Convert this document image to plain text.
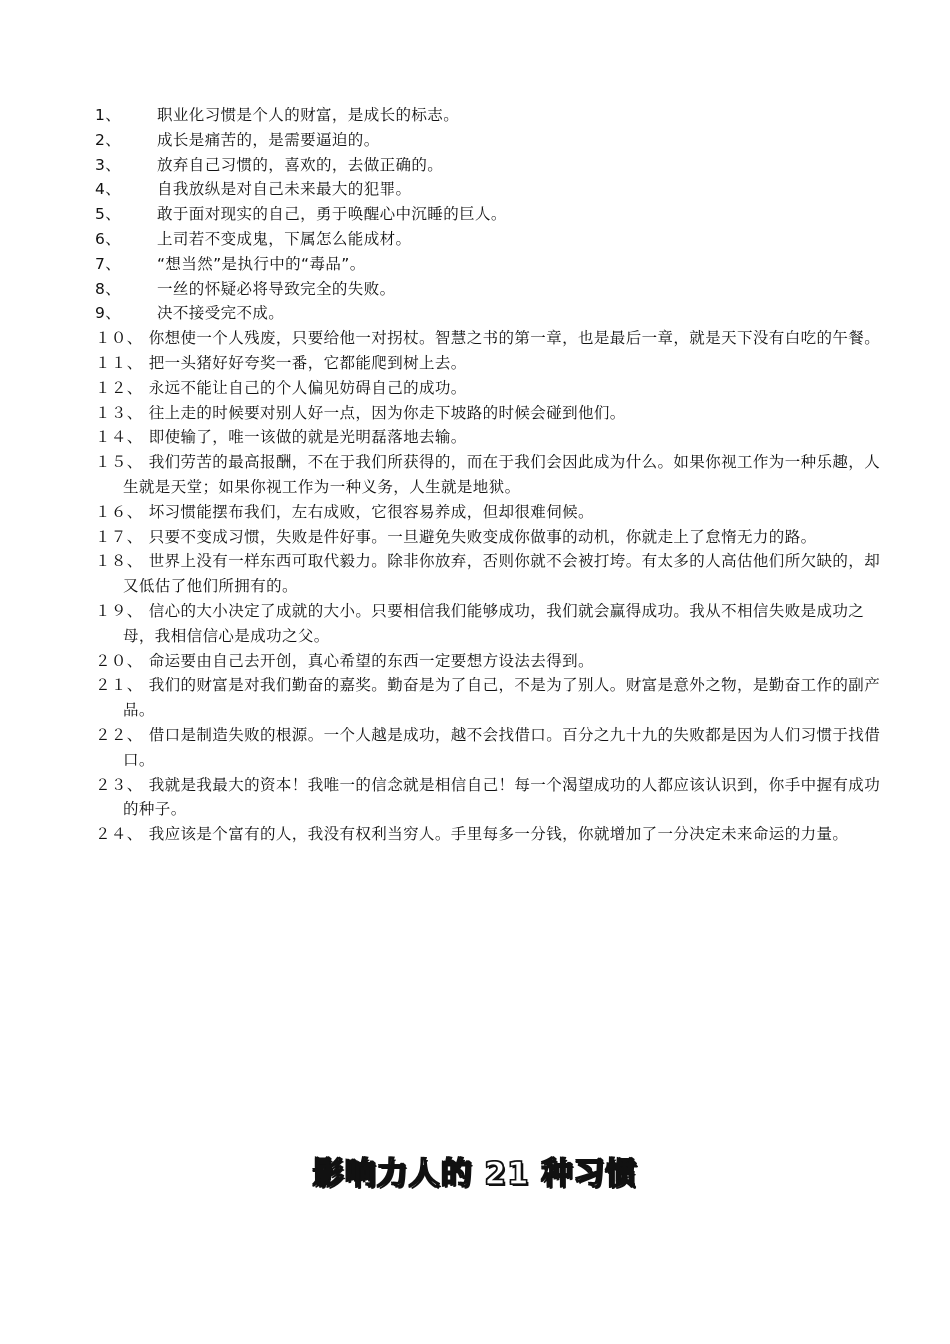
1、	职业化习惯是个人的财富，是成长的标志。
2、	成长是痛苦的，是需要逼迫的。
3、	放弃自己习惯的，喜欢的，去做正确的。
4、	自我放纵是对自己未来最大的犯罪。
5、	敢于面对现实的自己，勇于唤醒心中沉睡的巨人。
6、	上司若不变成鬼，下属怎么能成材。
7、	“想当然”是执行中的“毒品”。
8、	一丝的怀疑必将导致完全的失败。
9、	决不接受完不成。
１０、 你想使一个人残废，只要给他一对拐杖。智慧之书的第一章，也是最后一章，就是天下没有白吃的午餐。
１１、 把一头猪好好夸奖一番，它都能爬到树上去。
１２、 永远不能让自己的个人偏见妨碍自己的成功。
１３、 往上走的时候要对别人好一点，因为你走下坡路的时候会碰到他们。
１４、 即使输了，唯一该做的就是光明磊落地去输。
１５、 我们劳苦的最高报酬，不在于我们所获得的，而在于我们会因此成为什么。如果你视工作为一种乐趣，人生就是天堂；如果你视工作为一种义务，人生就是地狱。
１６、 坏习惯能摆布我们，左右成败，它很容易养成，但却很难伺候。
１７、 只要不变成习惯，失败是件好事。一旦避免失败变成你做事的动机，你就走上了怠惰无力的路。
１８、 世界上没有一样东西可取代毅力。除非你放弃，否则你就不会被打垮。有太多的人高估他们所欠缺的，却又低估了他们所拥有的。
１９、 信心的大小决定了成就的大小。只要相信我们能够成功，我们就会赢得成功。我从不相信失败是成功之母，我相信信心是成功之父。
２０、 命运要由自己去开创，真心希望的东西一定要想方设法去得到。
２１、 我们的财富是对我们勤奋的嘉奖。勤奋是为了自己，不是为了别人。财富是意外之物，是勤奋工作的副产品。
２２、 借口是制造失败的根源。一个人越是成功，越不会找借口。百分之九十九的失败都是因为人们习惯于找借口。
２３、 我就是我最大的资本！我唯一的信念就是相信自己！每一个渴望成功的人都应该认识到，你手中握有成功的种子。
２４、 我应该是个富有的人，我没有权利当穷人。手里每多一分钱，你就增加了一分决定未来命运的力量。
影响力人的 21 种习惯
